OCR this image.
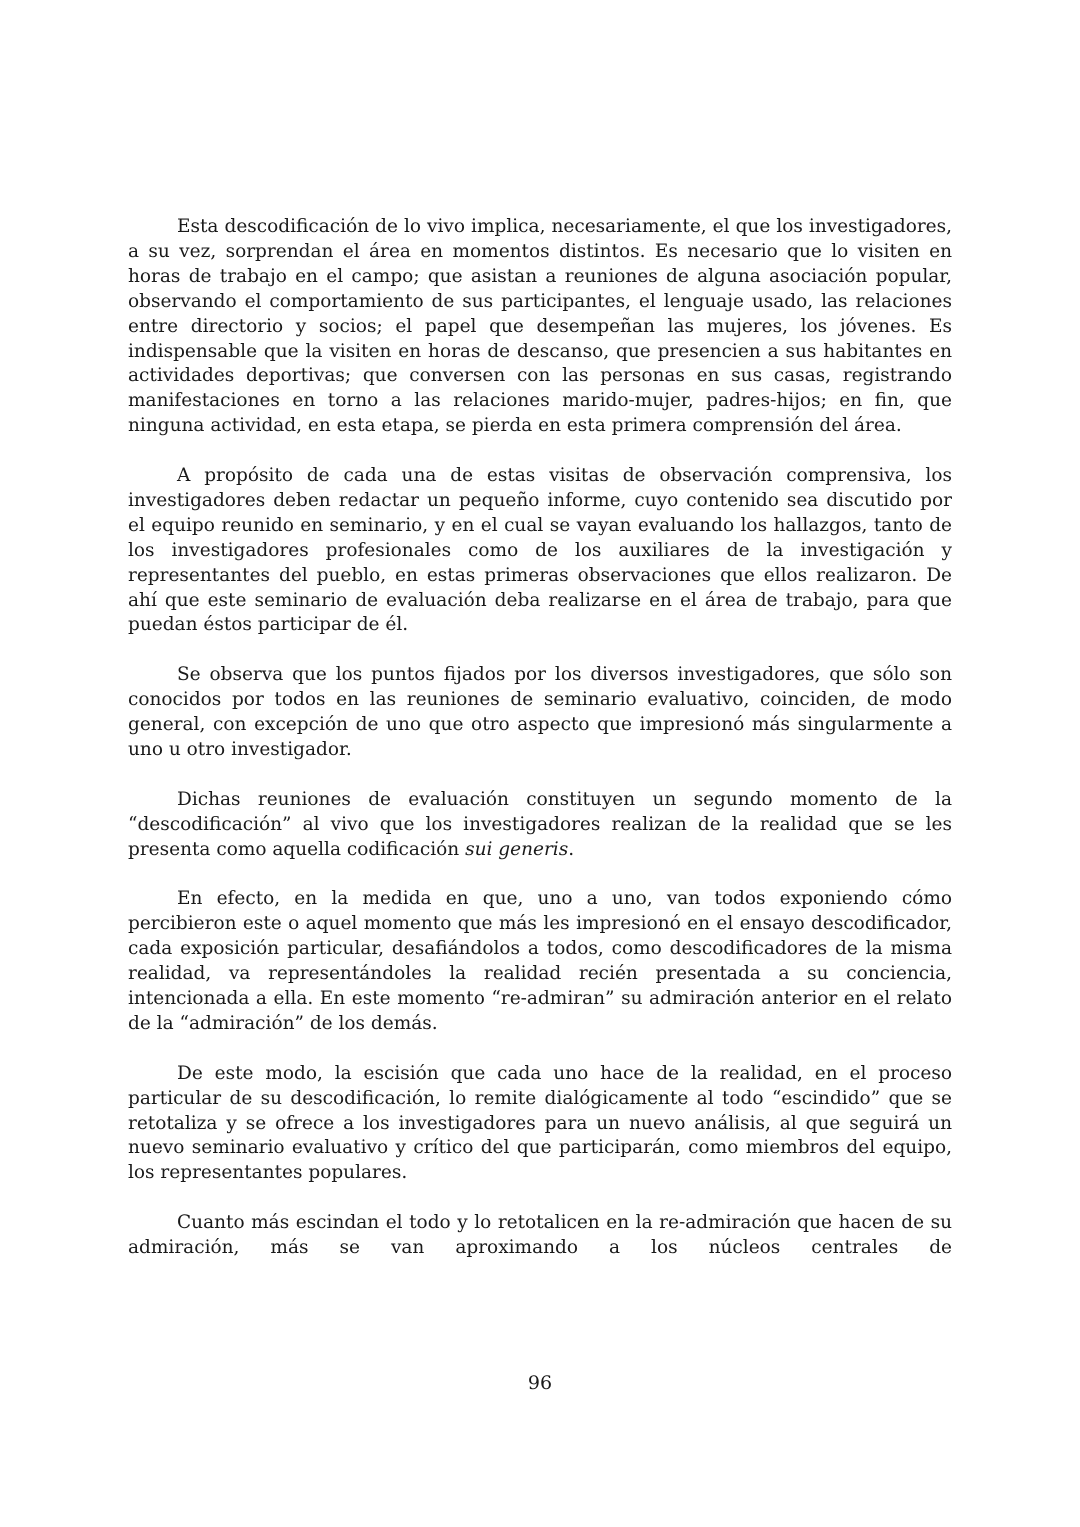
Esta descodificación de lo vivo implica, necesariamente, el que los investigadores, a su vez, sorprendan el área en momentos distintos. Es necesario que lo visiten en horas de trabajo en el campo; que asistan a reuniones de alguna asociación popular, observando el comportamiento de sus participantes, el lenguaje usado, las relaciones entre directorio y socios; el papel que desempeñan las mujeres, los jóvenes. Es indispensable que la visiten en horas de descanso, que presencien a sus habitantes en actividades deportivas; que conversen con las personas en sus casas, registrando manifestaciones en torno a las relaciones marido-mujer, padres-hijos; en fin, que ninguna actividad, en esta etapa, se pierda en esta primera comprensión del área.

A propósito de cada una de estas visitas de observación comprensiva, los investigadores deben redactar un pequeño informe, cuyo contenido sea discutido por el equipo reunido en seminario, y en el cual se vayan evaluando los hallazgos, tanto de los investigadores profesionales como de los auxiliares de la investigación y representantes del pueblo, en estas primeras observaciones que ellos realizaron. De ahí que este seminario de evaluación deba realizarse en el área de trabajo, para que puedan éstos participar de él.

Se observa que los puntos fijados por los diversos investigadores, que sólo son conocidos por todos en las reuniones de seminario evaluativo, coinciden, de modo general, con excepción de uno que otro aspecto que impresionó más singularmente a uno u otro investigador.

Dichas reuniones de evaluación constituyen un segundo momento de la “descodificación” al vivo que los investigadores realizan de la realidad que se les presenta como aquella codificación sui generis.

En efecto, en la medida en que, uno a uno, van todos exponiendo cómo percibieron este o aquel momento que más les impresionó en el ensayo descodificador, cada exposición particular, desafiándolos a todos, como descodificadores de la misma realidad, va representándoles la realidad recién presentada a su conciencia, intencionada a ella. En este momento “re-admiran” su admiración anterior en el relato de la “admiración” de los demás.

De este modo, la escisión que cada uno hace de la realidad, en el proceso particular de su descodificación, lo remite dialógicamente al todo “escindido” que se retotaliza y se ofrece a los investigadores para un nuevo análisis, al que seguirá un nuevo seminario evaluativo y crítico del que participarán, como miembros del equipo, los representantes populares.

Cuanto más escindan el todo y lo retotalicen en la re-admiración que hacen de su admiración, más se van aproximando a los núcleos centrales de

96
